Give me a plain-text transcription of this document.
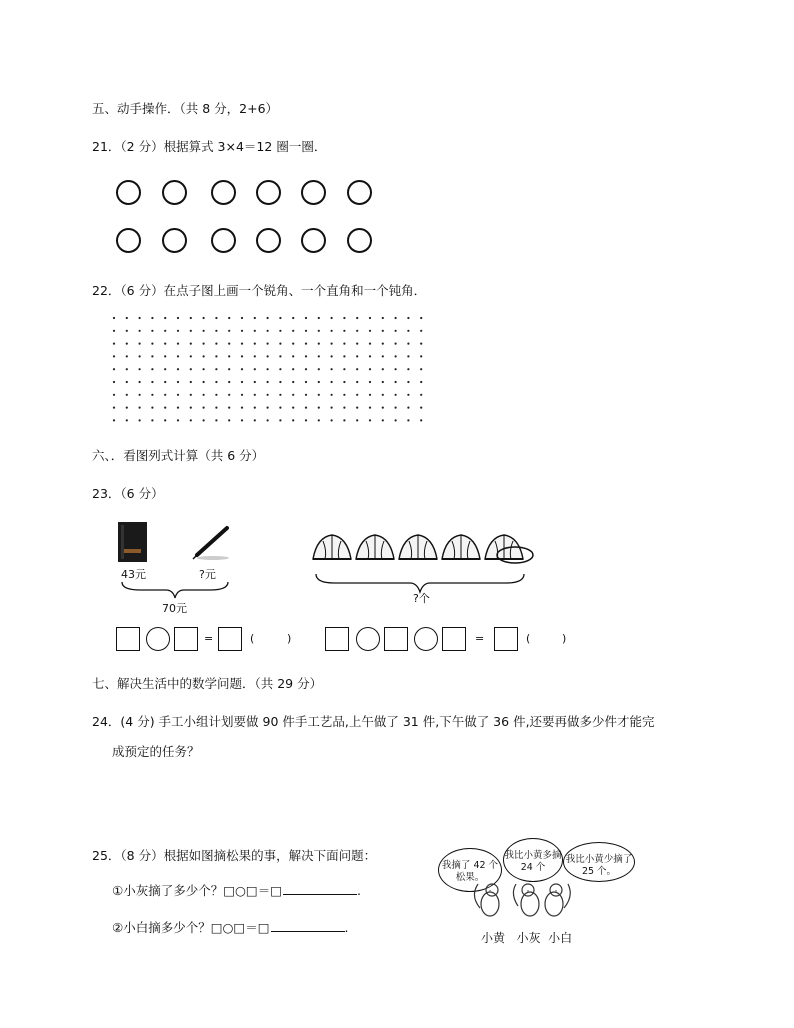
五、动手操作．（共 8 分，2+6）
21．（2 分）根据算式 3×4＝12 圈一圈．
22．（6 分）在点子图上画一个锐角、一个直角和一个钝角．
六、．看图列式计算（共 6 分）
23．（6 分）
43元	?元
70元
?个
=	(	)	=	(	)
七、解决生活中的数学问题．（共 29 分）
24．(4 分) 手工小组计划要做 90 件手工艺品,上午做了 31 件,下午做了 36 件,还要再做多少件才能完
成预定的任务？
25．（8 分）根据如图摘松果的事，解决下面问题：
①小灰摘了多少个？□○□＝□	.
②小白摘多少个？□○□＝□	.
我摘了 42 个松果。
我比小黄多摘 24 个
我比小黄少摘了 25 个。
小黄   小灰  小白
